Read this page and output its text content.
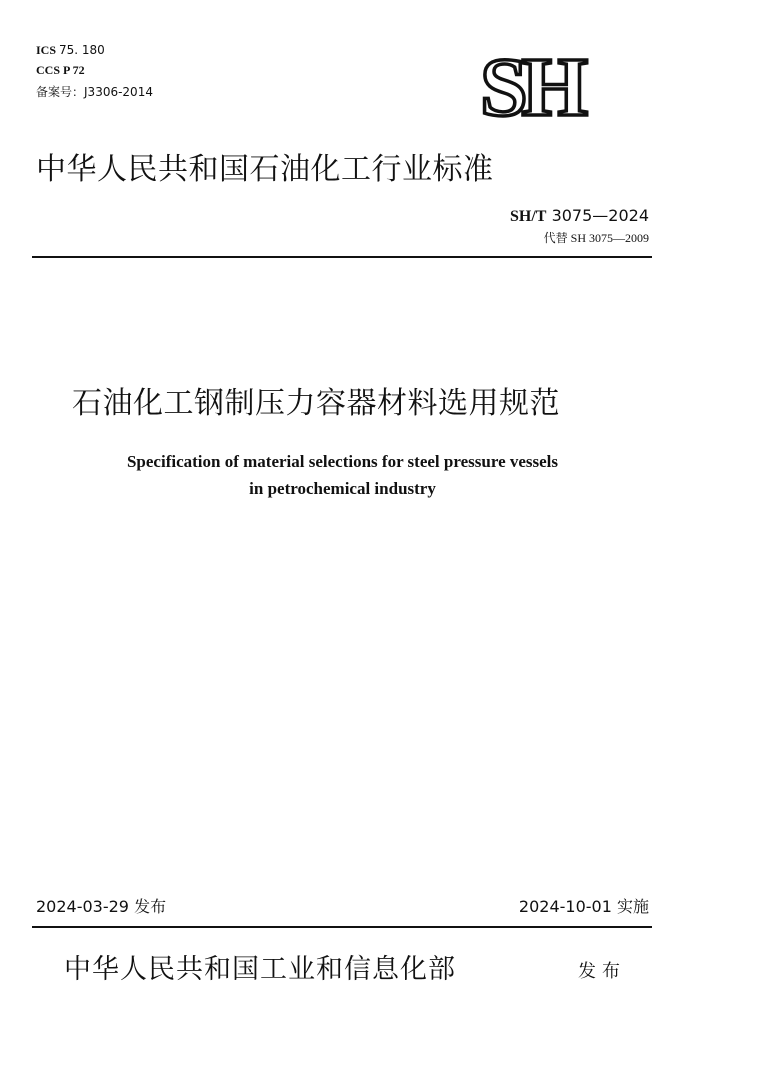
ICS 75. 180
CCS P 72
备案号：J3306-2014	SH
中华人民共和国石油化工行业标准
SH/T 3075—2024
代替 SH 3075—2009
石油化工钢制压力容器材料选用规范
Specification of material selections for steel pressure vessels
in petrochemical industry
2024-03-29 发布	2024-10-01 实施
中华人民共和国工业和信息化部	发布
